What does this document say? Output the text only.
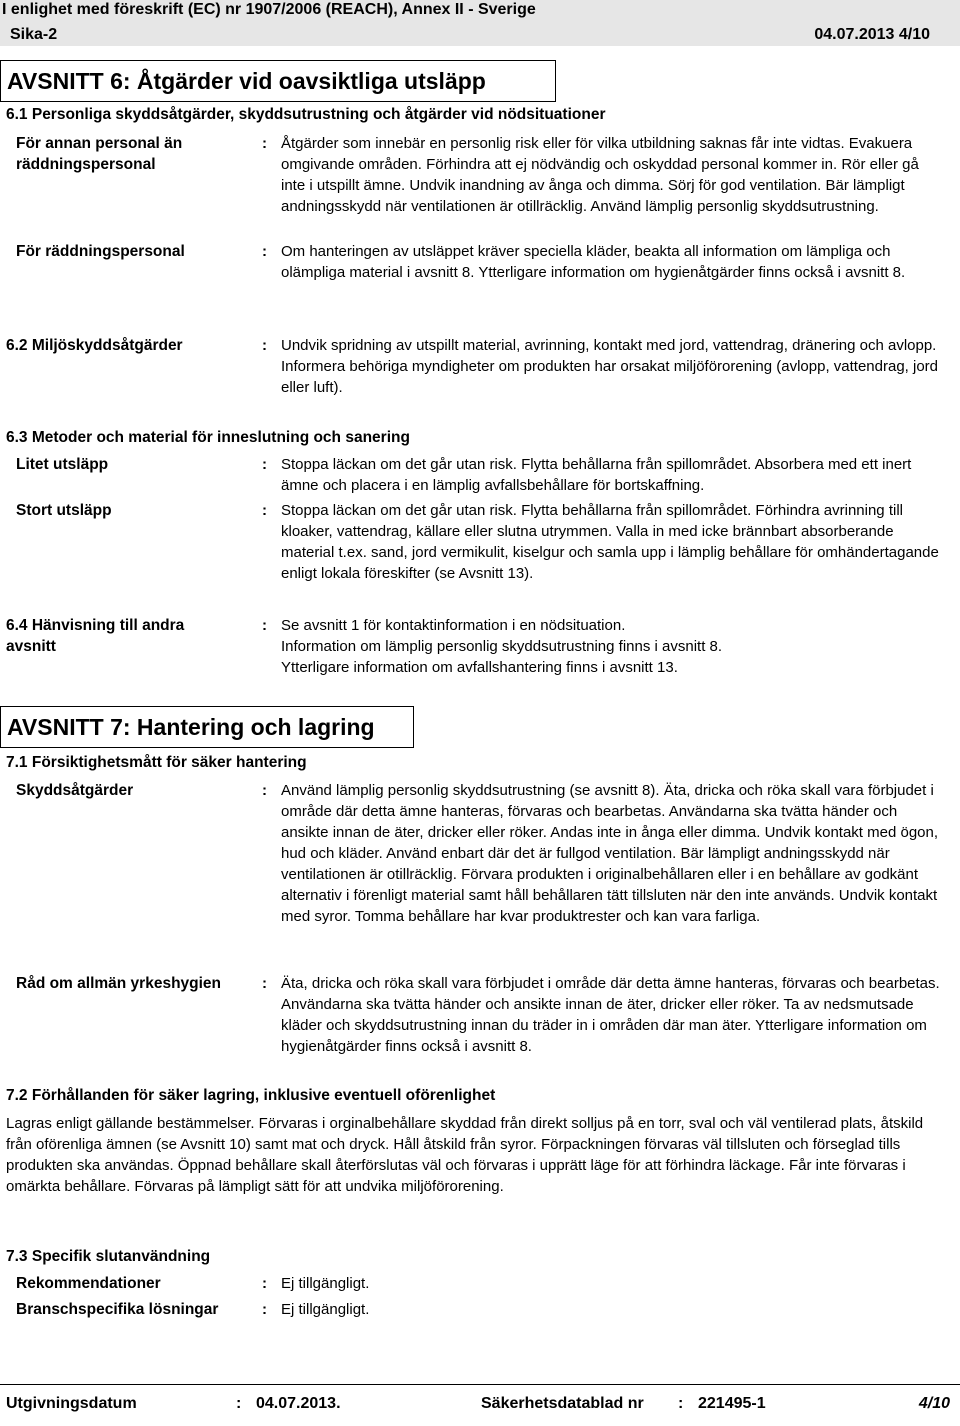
I enlighet med föreskrift (EC) nr 1907/2006 (REACH), Annex II - Sverige
Sika-2	04.07.2013 4/10
AVSNITT 6: Åtgärder vid oavsiktliga utsläpp
6.1 Personliga skyddsåtgärder, skyddsutrustning och åtgärder vid nödsituationer
För annan personal än räddningspersonal
: Åtgärder som innebär en personlig risk eller för vilka utbildning saknas får inte vidtas. Evakuera omgivande områden. Förhindra att ej nödvändig och oskyddad personal kommer in. Rör eller gå inte i utspillt ämne. Undvik inandning av ånga och dimma. Sörj för god ventilation. Bär lämpligt andningsskydd när ventilationen är otillräcklig. Använd lämplig personlig skyddsutrustning.
För räddningspersonal	: Om hanteringen av utsläppet kräver speciella kläder, beakta all information om lämpliga och olämpliga material i avsnitt 8. Ytterligare information om hygienåtgärder finns också i avsnitt 8.
6.2 Miljöskyddsåtgärder	: Undvik spridning av utspillt material, avrinning, kontakt med jord, vattendrag, dränering och avlopp. Informera behöriga myndigheter om produkten har orsakat miljöförorening (avlopp, vattendrag, jord eller luft).
6.3 Metoder och material för inneslutning och sanering
Litet utsläpp	: Stoppa läckan om det går utan risk. Flytta behållarna från spillområdet. Absorbera med ett inert ämne och placera i en lämplig avfallsbehållare för bortskaffning.
Stort utsläpp	: Stoppa läckan om det går utan risk. Flytta behållarna från spillområdet. Förhindra avrinning till kloaker, vattendrag, källare eller slutna utrymmen. Valla in med icke brännbart absorberande material t.ex. sand, jord vermikulit, kiselgur och samla upp i lämplig behållare för omhändertagande enligt lokala föreskifter (se Avsnitt 13).
6.4 Hänvisning till andra avsnitt
: Se avsnitt 1 för kontaktinformation i en nödsituation.
Information om lämplig personlig skyddsutrustning finns i avsnitt 8.
Ytterligare information om avfallshantering finns i avsnitt 13.
AVSNITT 7: Hantering och lagring
7.1 Försiktighetsmått för säker hantering
Skyddsåtgärder	: Använd lämplig personlig skyddsutrustning (se avsnitt 8). Äta, dricka och röka skall vara förbjudet i område där detta ämne hanteras, förvaras och bearbetas. Användarna ska tvätta händer och ansikte innan de äter, dricker eller röker. Andas inte in ånga eller dimma. Undvik kontakt med ögon, hud och kläder. Använd enbart där det är fullgod ventilation. Bär lämpligt andningsskydd när ventilationen är otillräcklig. Förvara produkten i originalbehållaren eller i en behållare av godkänt alternativ i förenligt material samt håll behållaren tätt tillsluten när den inte används. Undvik kontakt med syror. Tomma behållare har kvar produktrester och kan vara farliga.
Råd om allmän yrkeshygien	: Äta, dricka och röka skall vara förbjudet i område där detta ämne hanteras, förvaras och bearbetas. Användarna ska tvätta händer och ansikte innan de äter, dricker eller röker. Ta av nedsmutsade kläder och skyddsutrustning innan du träder in i områden där man äter. Ytterligare information om hygienåtgärder finns också i avsnitt 8.
7.2 Förhållanden för säker lagring, inklusive eventuell oförenlighet
Lagras enligt gällande bestämmelser. Förvaras i orginalbehållare skyddad från direkt solljus på en torr, sval och väl ventilerad plats, åtskild från oförenliga ämnen (se Avsnitt 10) samt mat och dryck. Håll åtskild från syror. Förpackningen förvaras väl tillsluten och förseglad tills produkten ska användas. Öppnad behållare skall återförslutas väl och förvaras i upprätt läge för att förhindra läckage. Får inte förvaras i omärkta behållare. Förvaras på lämpligt sätt för att undvika miljöförorening.
7.3 Specifik slutanvändning
Rekommendationer	: Ej tillgängligt.
Branschspecifika lösningar	: Ej tillgängligt.
Utgivningsdatum	: 04.07.2013.	Säkerhetsdatablad nr : 221495-1	4/10
